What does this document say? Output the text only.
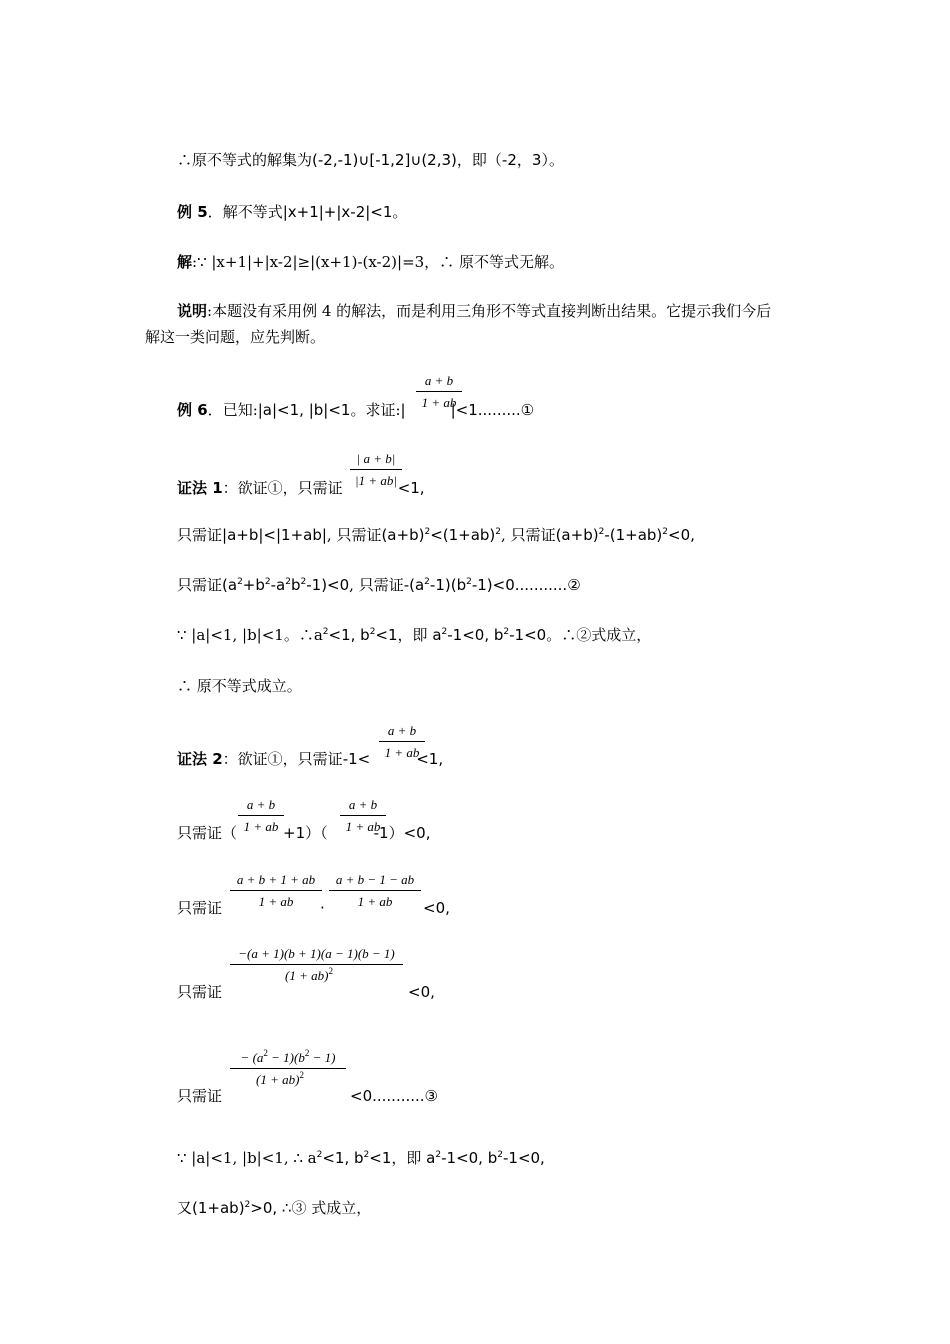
∴原不等式的解集为(-2,-1)∪[-1,2]∪(2,3)，即（-2，3）。
例 5．解不等式|x+1|+|x-2|<1。
解:∵ |x+1|+|x-2|≥|(x+1)-(x-2)|=3，∴ 原不等式无解。
说明:本题没有采用例 4 的解法，而是利用三角形不等式直接判断出结果。它提示我们今后
解这一类问题，应先判断。
例 6．已知:|a|<1, |b|<1。求证:|	|<1.........①
a + b
1 + ab
证法 1：欲证①，只需证	<1,
| a + b|
|1 + ab|
只需证|a+b|<|1+ab|, 只需证$(a+b)^2<(1+ab)^2$, 只需证$(a+b)^2-(1+ab)^2<0$,
只需证$(a^2+b^2-a^2b^2-1)<0$, 只需证$-(a^2-1)(b^2-1)<0...........②$
∵ |a|<1, |b|<1。$\therefore a^2<1$, $b^2<1$，即 $a^2-1<0$, $b^2-1<0$。∴②式成立，
∴ 原不等式成立。
证法 2：欲证①，只需证-1<	<1,
a + b
1 + ab
只需证（	+1）（	-1）<0,
a + b
1 + ab
a + b
1 + ab
只需证
a + b + 1 + ab
1 + ab	·
a + b − 1 − ab
1 + ab	<0,
只需证
−(a + 1)(b + 1)(a − 1)(b − 1)
(1 + ab)$^2$
<0,
只需证
− $(a^2 - 1)(b^2 - 1)$
(1 + ab)$^2$
<0...........③
∵ |a|<1, |b|<1, ∴ $a^2<1$, $b^2<1$，即 $a^2-1<0$, $b^2-1<0$,
又$(1+ab)^2>0$, ∴③ 式成立，
